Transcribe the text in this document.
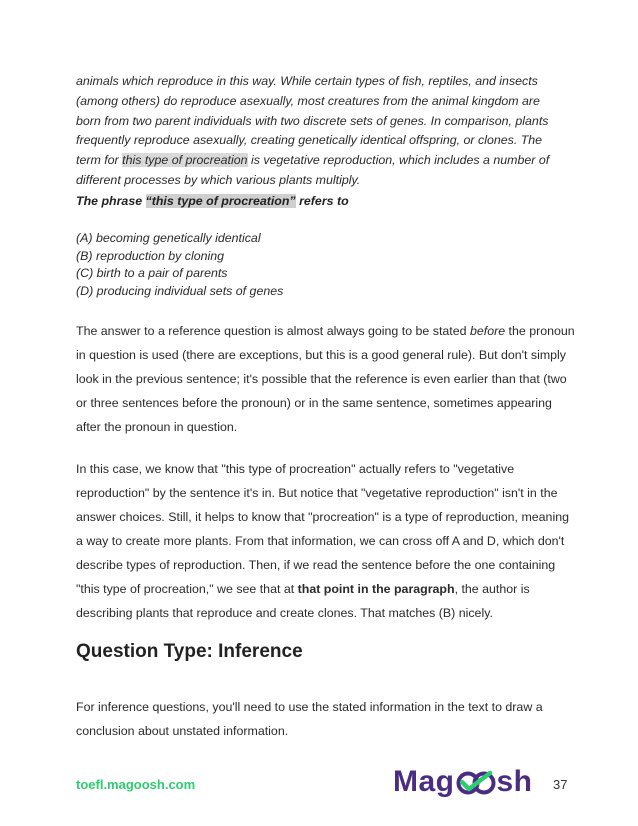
animals which reproduce in this way. While certain types of fish, reptiles, and insects
(among others) do reproduce asexually, most creatures from the animal kingdom are
born from two parent individuals with two discrete sets of genes. In comparison, plants
frequently reproduce asexually, creating genetically identical offspring, or clones. The
term for this type of procreation is vegetative reproduction, which includes a number of
different processes by which various plants multiply.
The phrase “this type of procreation” refers to
(A) becoming genetically identical
(B) reproduction by cloning
(C) birth to a pair of parents
(D) producing individual sets of genes
The answer to a reference question is almost always going to be stated before the pronoun in question is used (there are exceptions, but this is a good general rule). But don't simply look in the previous sentence; it's possible that the reference is even earlier than that (two or three sentences before the pronoun) or in the same sentence, sometimes appearing after the pronoun in question.
In this case, we know that "this type of procreation" actually refers to "vegetative reproduction" by the sentence it's in. But notice that "vegetative reproduction" isn't in the answer choices. Still, it helps to know that "procreation" is a type of reproduction, meaning a way to create more plants. From that information, we can cross off A and D, which don't describe types of reproduction. Then, if we read the sentence before the one containing "this type of procreation," we see that at that point in the paragraph, the author is describing plants that reproduce and create clones. That matches (B) nicely.
Question Type: Inference
For inference questions, you'll need to use the stated information in the text to draw a conclusion about unstated information.
toefl.magoosh.com	Mag sh 37
